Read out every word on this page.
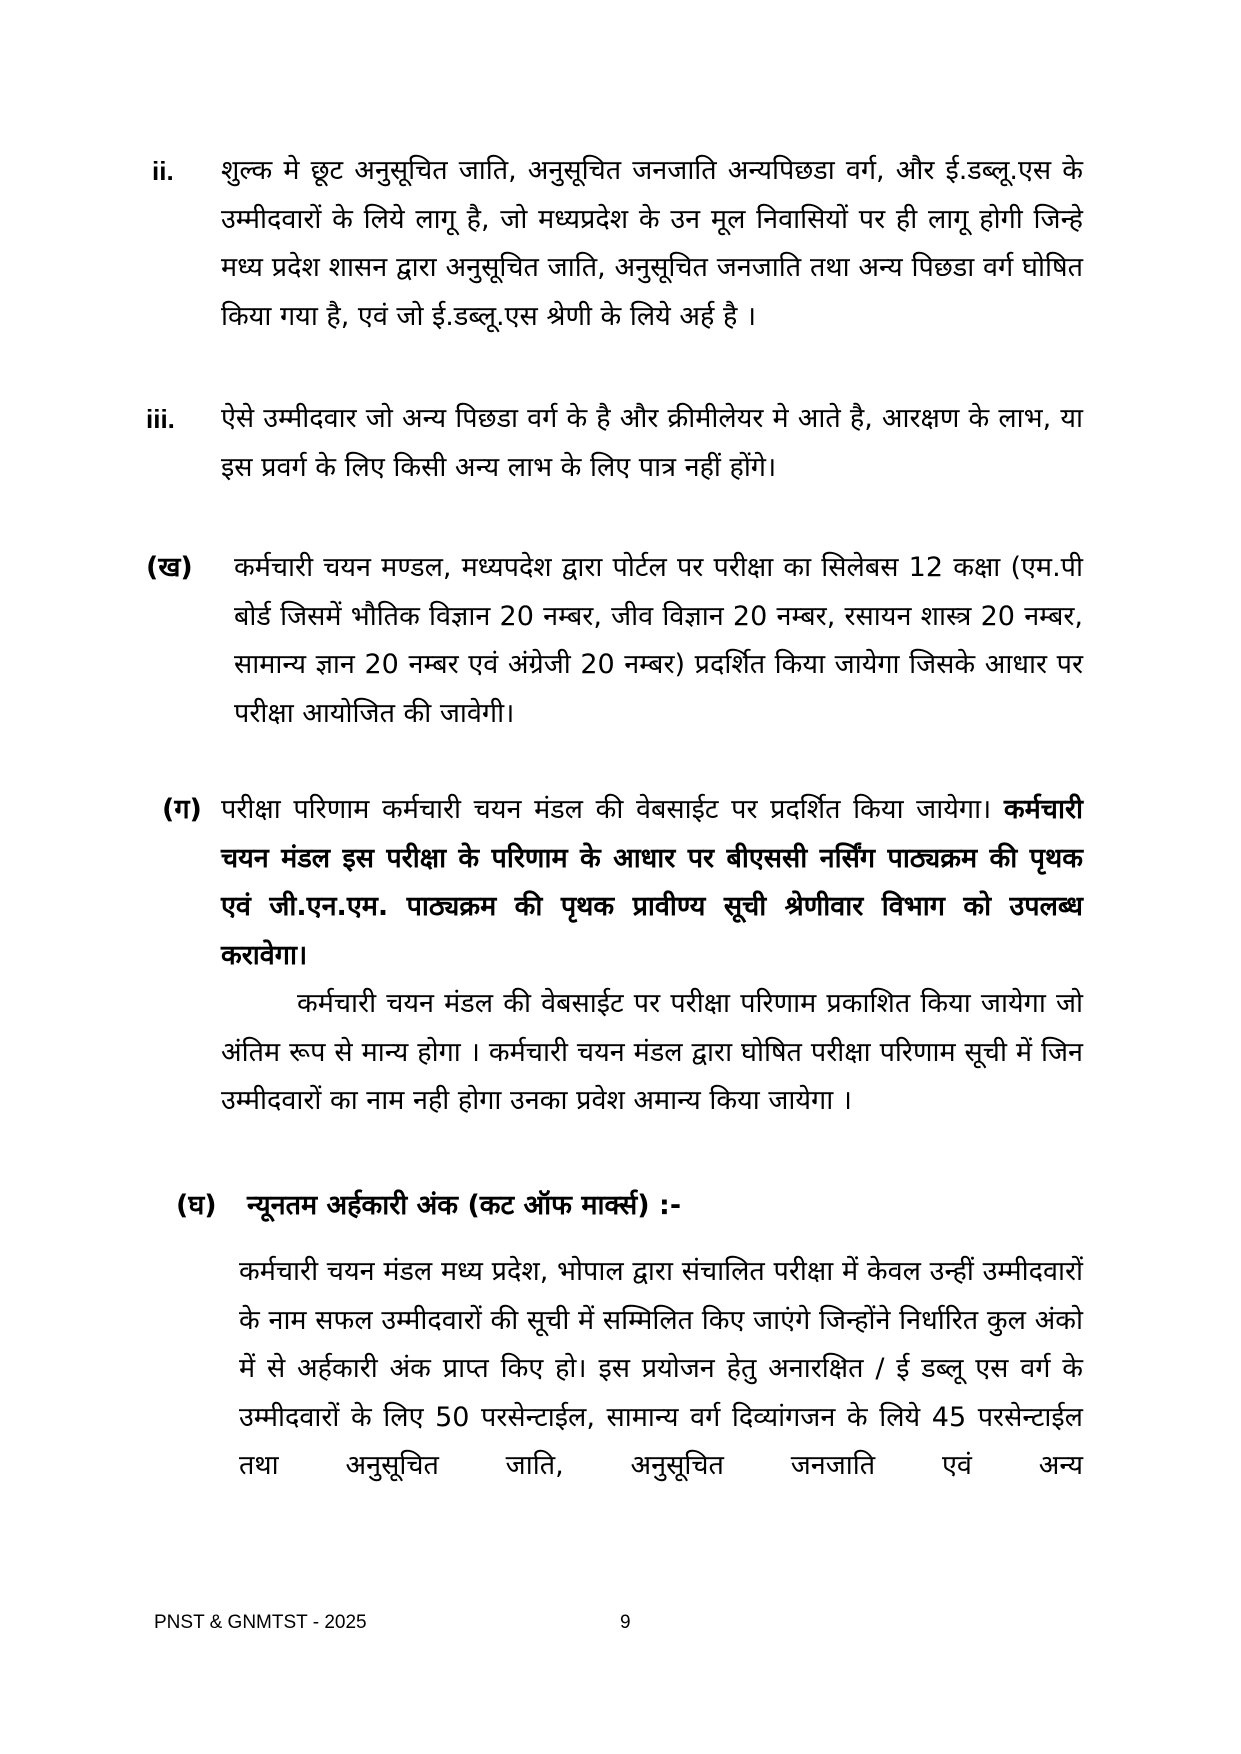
ii. शुल्क मे छूट अनुसूचित जाति, अनुसूचित जनजाति अन्यपिछडा वर्ग, और ई.डब्लू.एस के उम्मीदवारों के लिये लागू है, जो मध्यप्रदेश के उन मूल निवासियों पर ही लागू होगी जिन्हे मध्य प्रदेश शासन द्वारा अनुसूचित जाति, अनुसूचित जनजाति तथा अन्य पिछडा वर्ग घोषित किया गया है, एवं जो ई.डब्लू.एस श्रेणी के लिये अर्ह है ।

iii. ऐसे उम्मीदवार जो अन्य पिछडा वर्ग के है और क्रीमीलेयर मे आते है, आरक्षण के लाभ, या इस प्रवर्ग के लिए किसी अन्य लाभ के लिए पात्र नहीं होंगे।

(ख) कर्मचारी चयन मण्डल, मध्यपदेश द्वारा पोर्टल पर परीक्षा का सिलेबस 12 कक्षा (एम.पी बोर्ड जिसमें भौतिक विज्ञान 20 नम्बर, जीव विज्ञान 20 नम्बर, रसायन शास्त्र 20 नम्बर, सामान्य ज्ञान 20 नम्बर एवं अंग्रेजी 20 नम्बर) प्रदर्शित किया जायेगा जिसके आधार पर परीक्षा आयोजित की जावेगी।

(ग) परीक्षा परिणाम कर्मचारी चयन मंडल की वेबसाईट पर प्रदर्शित किया जायेगा। कर्मचारी चयन मंडल इस परीक्षा के परिणाम के आधार पर बीएससी नर्सिंग पाठ्यक्रम की पृथक एवं जी.एन.एम. पाठ्यक्रम की पृथक प्रावीण्य सूची श्रेणीवार विभाग को उपलब्ध करावेगा।

कर्मचारी चयन मंडल की वेबसाईट पर परीक्षा परिणाम प्रकाशित किया जायेगा जो अंतिम रूप से मान्य होगा । कर्मचारी चयन मंडल द्वारा घोषित परीक्षा परिणाम सूची में जिन उम्मीदवारों का नाम नही होगा उनका प्रवेश अमान्य किया जायेगा ।

(घ) न्यूनतम अर्हकारी अंक (कट ऑफ मार्क्स) :-

कर्मचारी चयन मंडल मध्य प्रदेश, भोपाल द्वारा संचालित परीक्षा में केवल उन्हीं उम्मीदवारों के नाम सफल उम्मीदवारों की सूची में सम्मिलित किए जाएंगे जिन्होंने निर्धारित कुल अंको में से अर्हकारी अंक प्राप्त किए हो। इस प्रयोजन हेतु अनारक्षित / ई डब्लू एस वर्ग के उम्मीदवारों के लिए 50 परसेन्टाईल, सामान्य वर्ग दिव्यांगजन के लिये 45 परसेन्टाईल तथा अनुसूचित जाति, अनुसूचित जनजाति एवं अन्य

PNST & GNMTST - 2025	9
